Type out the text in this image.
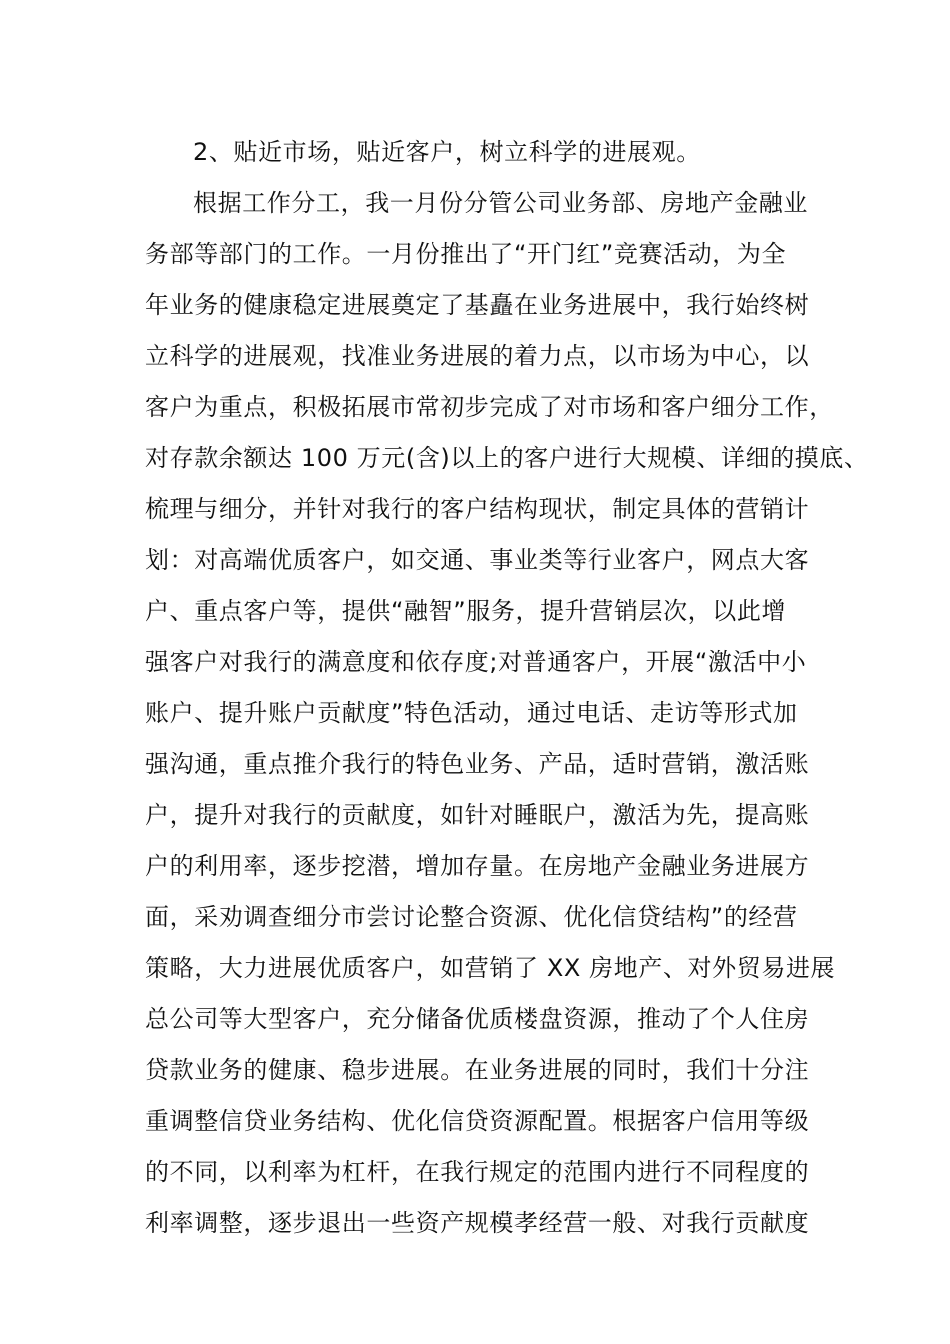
2、贴近市场，贴近客户，树立科学的进展观。
根据工作分工，我一月份分管公司业务部、房地产金融业
务部等部门的工作。一月份推出了“开门红”竞赛活动，为全
年业务的健康稳定进展奠定了基矗在业务进展中，我行始终树
立科学的进展观，找准业务进展的着力点，以市场为中心，以
客户为重点，积极拓展市常初步完成了对市场和客户细分工作，
对存款余额达 100 万元(含)以上的客户进行大规模、详细的摸底、
梳理与细分，并针对我行的客户结构现状，制定具体的营销计
划：对高端优质客户，如交通、事业类等行业客户，网点大客
户、重点客户等，提供“融智”服务，提升营销层次，以此增
强客户对我行的满意度和依存度;对普通客户，开展“激活中小
账户、提升账户贡献度”特色活动，通过电话、走访等形式加
强沟通，重点推介我行的特色业务、产品，适时营销，激活账
户，提升对我行的贡献度，如针对睡眠户，激活为先，提高账
户的利用率，逐步挖潜，增加存量。在房地产金融业务进展方
面，采劝调查细分市尝讨论整合资源、优化信贷结构”的经营
策略，大力进展优质客户，如营销了 XX 房地产、对外贸易进展
总公司等大型客户，充分储备优质楼盘资源，推动了个人住房
贷款业务的健康、稳步进展。在业务进展的同时，我们十分注
重调整信贷业务结构、优化信贷资源配置。根据客户信用等级
的不同，以利率为杠杆，在我行规定的范围内进行不同程度的
利率调整，逐步退出一些资产规模孝经营一般、对我行贡献度
